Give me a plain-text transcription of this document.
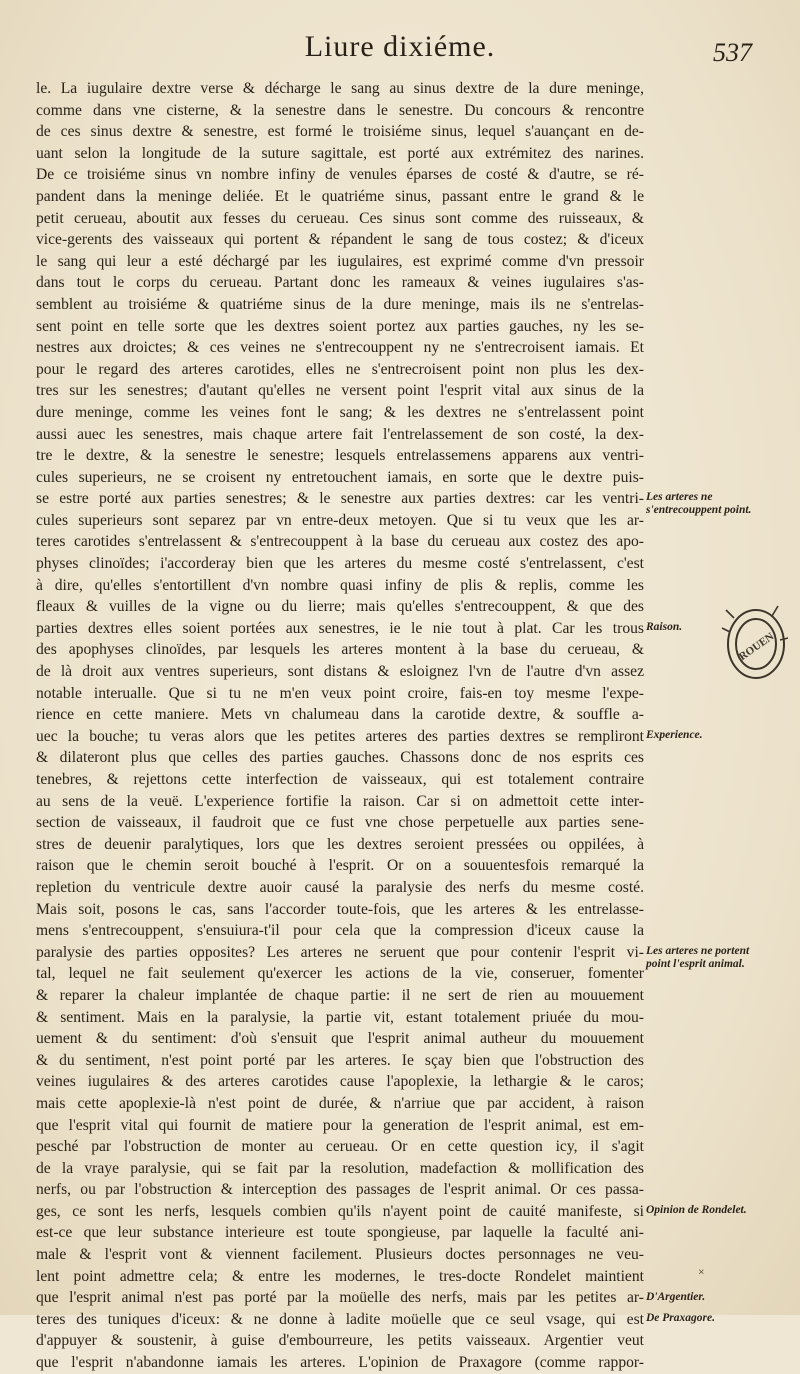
Liure dixiéme.	537
le. La iugulaire dextre verse & décharge le sang au sinus dextre de la dure meninge,
comme dans vne cisterne, & la senestre dans le senestre. Du concours & rencontre
de ces sinus dextre & senestre, est formé le troisiéme sinus, lequel s'auançant en de-
uant selon la longitude de la suture sagittale, est porté aux extrémitez des narines.
De ce troisiéme sinus vn nombre infiny de venules éparses de costé & d'autre, se ré-
pandent dans la meninge deliée. Et le quatriéme sinus, passant entre le grand & le
petit cerueau, aboutit aux fesses du cerueau. Ces sinus sont comme des ruisseaux, &
vice-gerents des vaisseaux qui portent & répandent le sang de tous costez; & d'iceux
le sang qui leur a esté déchargé par les iugulaires, est exprimé comme d'vn pressoir
dans tout le corps du cerueau. Partant donc les rameaux & veines iugulaires s'as-
semblent au troisiéme & quatriéme sinus de la dure meninge, mais ils ne s'entrelas-
sent point en telle sorte que les dextres soient portez aux parties gauches, ny les se-
nestres aux droictes; & ces veines ne s'entrecouppent ny ne s'entrecroisent iamais. Et
pour le regard des arteres carotides, elles ne s'entrecroisent point non plus les dex-
tres sur les senestres; d'autant qu'elles ne versent point l'esprit vital aux sinus de la
dure meninge, comme les veines font le sang; & les dextres ne s'entrelassent point
aussi auec les senestres, mais chaque artere fait l'entrelassement de son costé, la dex-
tre le dextre, & la senestre le senestre; lesquels entrelassemens apparens aux ventri-
cules superieurs, ne se croisent ny entretouchent iamais, en sorte que le dextre puis-
se estre porté aux parties senestres; & le senestre aux parties dextres: car les ventri-
cules superieurs sont separez par vn entre-deux metoyen. Que si tu veux que les ar-
teres carotides s'entrelassent & s'entrecouppent à la base du cerueau aux costez des apo-
physes clinoïdes; i'accorderay bien que les arteres du mesme costé s'entrelassent, c'est
à dire, qu'elles s'entortillent d'vn nombre quasi infiny de plis & replis, comme les
fleaux & vuilles de la vigne ou du lierre; mais qu'elles s'entrecouppent, & que des
parties dextres elles soient portées aux senestres, ie le nie tout à plat. Car les trous
des apophyses clinoïdes, par lesquels les arteres montent à la base du cerueau, &
de là droit aux ventres superieurs, sont distans & esloignez l'vn de l'autre d'vn assez
notable interualle. Que si tu ne m'en veux point croire, fais-en toy mesme l'expe-
rience en cette maniere. Mets vn chalumeau dans la carotide dextre, & souffle a-
uec la bouche; tu veras alors que les petites arteres des parties dextres se rempliront
& dilateront plus que celles des parties gauches. Chassons donc de nos esprits ces
tenebres, & rejettons cette interfection de vaisseaux, qui est totalement contraire
au sens de la veuë. L'experience fortifie la raison. Car si on admettoit cette inter-
section de vaisseaux, il faudroit que ce fust vne chose perpetuelle aux parties sene-
stres de deuenir paralytiques, lors que les dextres seroient pressées ou oppilées, à
raison que le chemin seroit bouché à l'esprit. Or on a souuentesfois remarqué la
repletion du ventricule dextre auoir causé la paralysie des nerfs du mesme costé.
Mais soit, posons le cas, sans l'accorder toute-fois, que les arteres & les entrelasse-
mens s'entrecouppent, s'ensuiura-t'il pour cela que la compression d'iceux cause la
paralysie des parties opposites? Les arteres ne seruent que pour contenir l'esprit vi-
tal, lequel ne fait seulement qu'exercer les actions de la vie, conseruer, fomenter
& reparer la chaleur implantée de chaque partie: il ne sert de rien au mouuement
& sentiment. Mais en la paralysie, la partie vit, estant totalement priuée du mou-
uement & du sentiment: d'où s'ensuit que l'esprit animal autheur du mouuement
& du sentiment, n'est point porté par les arteres. Ie sçay bien que l'obstruction des
veines iugulaires & des arteres carotides cause l'apoplexie, la lethargie & le caros;
mais cette apoplexie-là n'est point de durée, & n'arriue que par accident, à raison
que l'esprit vital qui fournit de matiere pour la generation de l'esprit animal, est em-
pesché par l'obstruction de monter au cerueau. Or en cette question icy, il s'agit
de la vraye paralysie, qui se fait par la resolution, madefaction & mollification des
nerfs, ou par l'obstruction & interception des passages de l'esprit animal. Or ces passa-
ges, ce sont les nerfs, lesquels combien qu'ils n'ayent point de cauité manifeste, si
est-ce que leur substance interieure est toute spongieuse, par laquelle la faculté ani-
male & l'esprit vont & viennent facilement. Plusieurs doctes personnages ne veu-
lent point admettre cela; & entre les modernes, le tres-docte Rondelet maintient
que l'esprit animal n'est pas porté par la moüelle des nerfs, mais par les petites ar-
teres des tuniques d'iceux: & ne donne à ladite moüelle que ce seul vsage, qui est
d'appuyer & soustenir, à guise d'embourreure, les petits vaisseaux. Argentier veut
que l'esprit n'abandonne iamais les arteres. L'opinion de Praxagore (comme rappor-
Les arteres ne s'entrecouppent point.
Raison.
Experience.
Les arteres ne portent point l'esprit animal.
Opinion de Rondelet.
D'Argentier.
De Praxagore.
ROUEN
˟
